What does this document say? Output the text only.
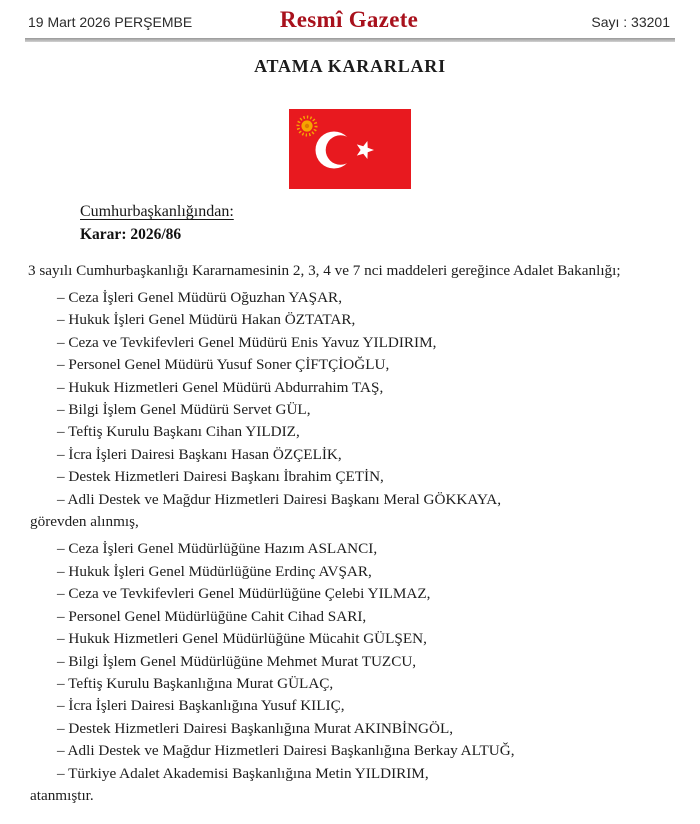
19 Mart 2026 PERŞEMBE	Resmî Gazete	Sayı : 33201
ATAMA KARARLARI
Cumhurbaşkanlığından:
Karar: 2026/86

3 sayılı Cumhurbaşkanlığı Kararnamesinin 2, 3, 4 ve 7 nci maddeleri gereğince Adalet Bakanlığı;

– Ceza İşleri Genel Müdürü Oğuzhan YAŞAR,
– Hukuk İşleri Genel Müdürü Hakan ÖZTATAR,
– Ceza ve Tevkifevleri Genel Müdürü Enis Yavuz YILDIRIM,
– Personel Genel Müdürü Yusuf Soner ÇİFTÇİOĞLU,
– Hukuk Hizmetleri Genel Müdürü Abdurrahim TAŞ,
– Bilgi İşlem Genel Müdürü Servet GÜL,
– Teftiş Kurulu Başkanı Cihan YILDIZ,
– İcra İşleri Dairesi Başkanı Hasan ÖZÇELİK,
– Destek Hizmetleri Dairesi Başkanı İbrahim ÇETİN,
– Adli Destek ve Mağdur Hizmetleri Dairesi Başkanı Meral GÖKKAYA,
görevden alınmış,
– Ceza İşleri Genel Müdürlüğüne Hazım ASLANCI,
– Hukuk İşleri Genel Müdürlüğüne Erdinç AVŞAR,
– Ceza ve Tevkifevleri Genel Müdürlüğüne Çelebi YILMAZ,
– Personel Genel Müdürlüğüne Cahit Cihad SARI,
– Hukuk Hizmetleri Genel Müdürlüğüne Mücahit GÜLŞEN,
– Bilgi İşlem Genel Müdürlüğüne Mehmet Murat TUZCU,
– Teftiş Kurulu Başkanlığına Murat GÜLAÇ,
– İcra İşleri Dairesi Başkanlığına Yusuf KILIÇ,
– Destek Hizmetleri Dairesi Başkanlığına Murat AKINBİNGÖL,
– Adli Destek ve Mağdur Hizmetleri Dairesi Başkanlığına Berkay ALTUĞ,
– Türkiye Adalet Akademisi Başkanlığına Metin YILDIRIM,
atanmıştır.
